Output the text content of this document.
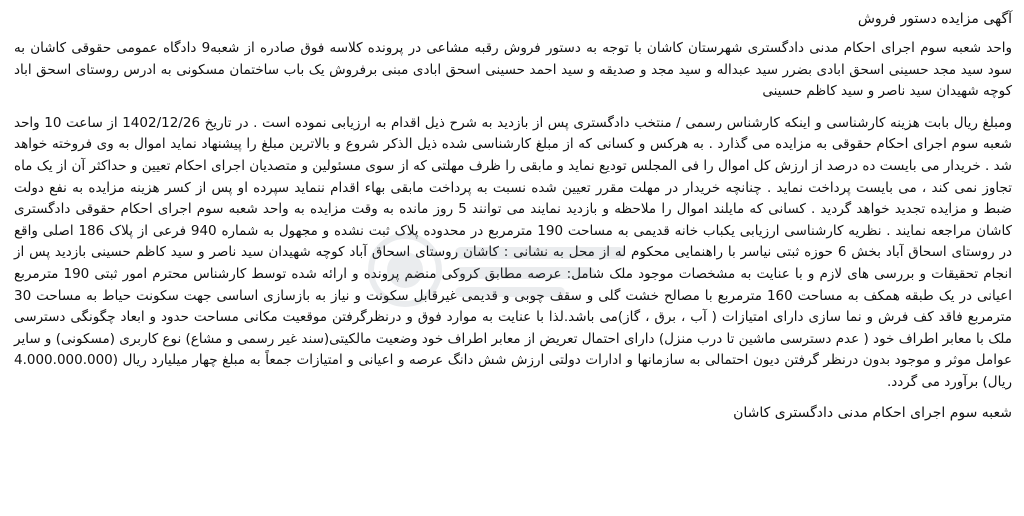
آگهی مزایده دستور فروش

واحد شعبه سوم اجرای احکام مدنی دادگستری شهرستان کاشان با توجه به دستور فروش رقبه مشاعی در پرونده کلاسه فوق صادره از شعبه9 دادگاه عمومی حقوقی کاشان به سود سید مجد حسینی اسحق ابادی بضرر سید عبداله و سید مجد و صدیقه و سید احمد حسینی اسحق ابادی مبنی برفروش یک باب ساختمان مسکونی به ادرس روستای اسحق اباد کوچه شهیدان سید ناصر و سید کاظم حسینی

ومبلغ ریال بابت هزینه کارشناسی و اینکه کارشناس رسمی / منتخب دادگستری پس از بازدید به شرح ذیل اقدام به ارزیابی نموده است . در تاریخ 1402/12/26 از ساعت 10 واحد شعبه سوم اجرای احکام حقوقی به مزایده می گذارد . به هرکس و کسانی که از مبلغ کارشناسی شده ذیل الذکر شروع و بالاترین مبلغ را پیشنهاد نماید اموال به وی فروخته خواهد شد . خریدار می بایست ده درصد از ارزش کل اموال را فی المجلس تودیع نماید و مابقی را ظرف مهلتی که از سوی مسئولین و متصدیان اجرای احکام تعیین و حداکثر آن از یک ماه تجاوز نمی کند ، می بایست پرداخت نماید . چنانچه خریدار در مهلت مقرر تعیین شده نسبت به پرداخت مابقی بهاء اقدام ننماید سپرده او پس از کسر هزینه مزایده به نفع دولت ضبط و مزایده تجدید خواهد گردید . کسانی که مایلند اموال را ملاحظه و بازدید نمایند می توانند 5 روز مانده به وقت مزایده به واحد شعبه سوم اجرای احکام حقوقی دادگستری کاشان مراجعه نمایند . نظریه کارشناسی ارزیابی یکباب خانه قدیمی به مساحت 190 مترمربع در محدوده پلاک ثبت نشده و مجهول به شماره 940 فرعی از پلاک 186 اصلی واقع در روستای اسحاق آباد بخش 6 حوزه ثبتی نیاسر با راهنمایی محکوم له از محل به نشانی : کاشان روستای اسحاق آباد کوچه شهیدان سید ناصر و سید کاظم حسینی بازدید پس از انجام تحقیقات و بررسی های لازم و با عنایت به مشخصات موجود ملک شامل: عرصه مطابق کروکی منضم پرونده و ارائه شده توسط کارشناس محترم امور ثبتی 190 مترمربع اعیانی در یک طبقه همکف به مساحت 160 مترمربع با مصالح خشت گلی و سقف چوبی و قدیمی غیرقابل سکونت و نیاز به بازسازی اساسی جهت سکونت حیاط به مساحت 30 مترمربع فاقد کف فرش و نما سازی دارای امتیازات ( آب ، برق ، گاز)می باشد.لذا با عنایت به موارد فوق و درنظرگرفتن موقعیت مکانی مساحت حدود و ابعاد چگونگی دسترسی ملک با معابر اطراف خود ( عدم دسترسی ماشین تا درب منزل) دارای احتمال تعریض از معابر اطراف خود وضعیت مالکیتی(سند غیر رسمی و مشاع) نوع کاربری (مسکونی) و سایر عوامل موثر و موجود بدون درنظر گرفتن دیون احتمالی به سازمانها و ادارات دولتی ارزش شش دانگ عرصه و اعیانی و امتیازات جمعاً به مبلغ چهار میلیارد ریال (4.000.000.000 ریال) برآورد می گردد.

شعبه سوم اجرای احکام مدنی دادگستری کاشان
